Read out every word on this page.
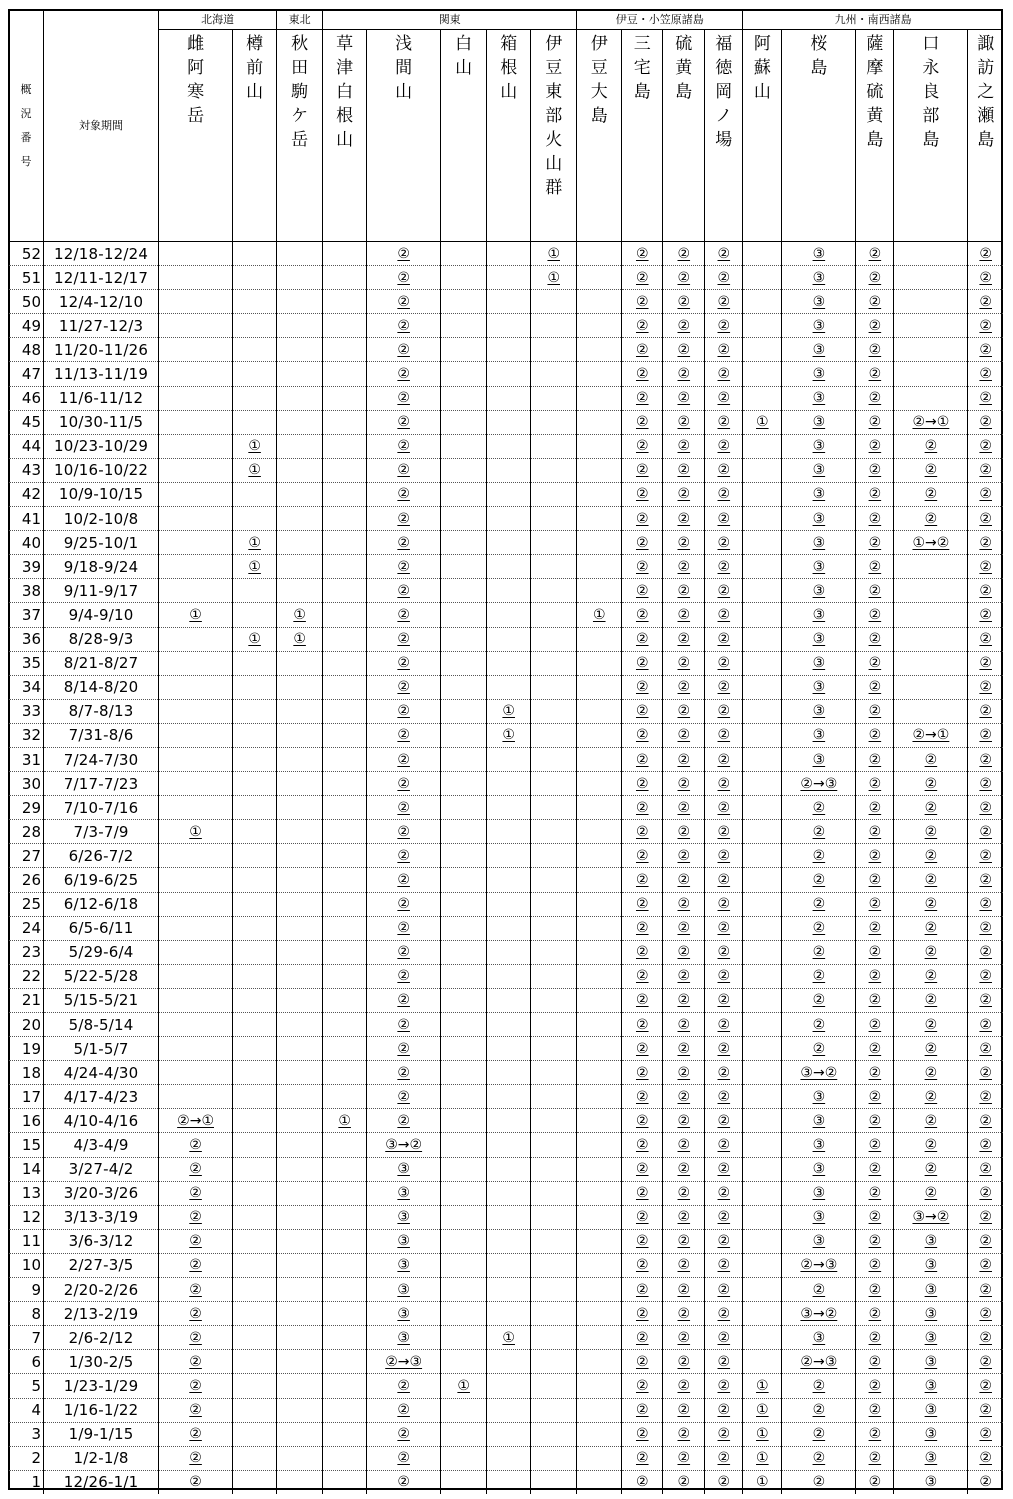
概況番号	対象期間	北海道		東北	関東					伊豆・小笠原諸島				九州・南西諸島				
		雌阿寒岳	樽前山	秋田駒ケ岳	草津白根山	浅間山	白山	箱根山	伊豆東部火山群	伊豆大島	三宅島	硫黄島	福徳岡ノ場	阿蘇山	桜島	薩摩硫黄島	口永良部島	諏訪之瀬島
52	12/18-12/24					②			①		②	②	②		③	②		②
51	12/11-12/17					②			①		②	②	②		③	②		②
50	12/4-12/10					②					②	②	②		③	②		②
49	11/27-12/3					②					②	②	②		③	②		②
48	11/20-11/26					②					②	②	②		③	②		②
47	11/13-11/19					②					②	②	②		③	②		②
46	11/6-11/12					②					②	②	②		③	②		②
45	10/30-11/5					②					②	②	②	①	③	②	②→①	②
44	10/23-10/29		①			②					②	②	②		③	②	②	②
43	10/16-10/22		①			②					②	②	②		③	②	②	②
42	10/9-10/15					②					②	②	②		③	②	②	②
41	10/2-10/8					②					②	②	②		③	②	②	②
40	9/25-10/1		①			②					②	②	②		③	②	①→②	②
39	9/18-9/24		①			②					②	②	②		③	②		②
38	9/11-9/17					②					②	②	②		③	②		②
37	9/4-9/10	①		①		②				①	②	②	②		③	②		②
36	8/28-9/3		①	①		②					②	②	②		③	②		②
35	8/21-8/27					②					②	②	②		③	②		②
34	8/14-8/20					②					②	②	②		③	②		②
33	8/7-8/13					②		①			②	②	②		③	②		②
32	7/31-8/6					②		①			②	②	②		③	②	②→①	②
31	7/24-7/30					②					②	②	②		③	②	②	②
30	7/17-7/23					②					②	②	②		②→③	②	②	②
29	7/10-7/16					②					②	②	②		②	②	②	②
28	7/3-7/9	①				②					②	②	②		②	②	②	②
27	6/26-7/2					②					②	②	②		②	②	②	②
26	6/19-6/25					②					②	②	②		②	②	②	②
25	6/12-6/18					②					②	②	②		②	②	②	②
24	6/5-6/11					②					②	②	②		②	②	②	②
23	5/29-6/4					②					②	②	②		②	②	②	②
22	5/22-5/28					②					②	②	②		②	②	②	②
21	5/15-5/21					②					②	②	②		②	②	②	②
20	5/8-5/14					②					②	②	②		②	②	②	②
19	5/1-5/7					②					②	②	②		②	②	②	②
18	4/24-4/30					②					②	②	②		③→②	②	②	②
17	4/17-4/23					②					②	②	②		③	②	②	②
16	4/10-4/16	②→①			①	②					②	②	②		③	②	②	②
15	4/3-4/9	②				③→②					②	②	②		③	②	②	②
14	3/27-4/2	②				③					②	②	②		③	②	②	②
13	3/20-3/26	②				③					②	②	②		③	②	②	②
12	3/13-3/19	②				③					②	②	②		③	②	③→②	②
11	3/6-3/12	②				③					②	②	②		③	②	③	②
10	2/27-3/5	②				③					②	②	②		②→③	②	③	②
9	2/20-2/26	②				③					②	②	②		②	②	③	②
8	2/13-2/19	②				③					②	②	②		③→②	②	③	②
7	2/6-2/12	②				③		①			②	②	②		③	②	③	②
6	1/30-2/5	②				②→③					②	②	②		②→③	②	③	②
5	1/23-1/29	②				②	①				②	②	②	①	②	②	③	②
4	1/16-1/22	②				②					②	②	②	①	②	②	③	②
3	1/9-1/15	②				②					②	②	②	①	②	②	③	②
2	1/2-1/8	②				②					②	②	②	①	②	②	③	②
1	12/26-1/1	②				②					②	②	②	①	②	②	③	②
